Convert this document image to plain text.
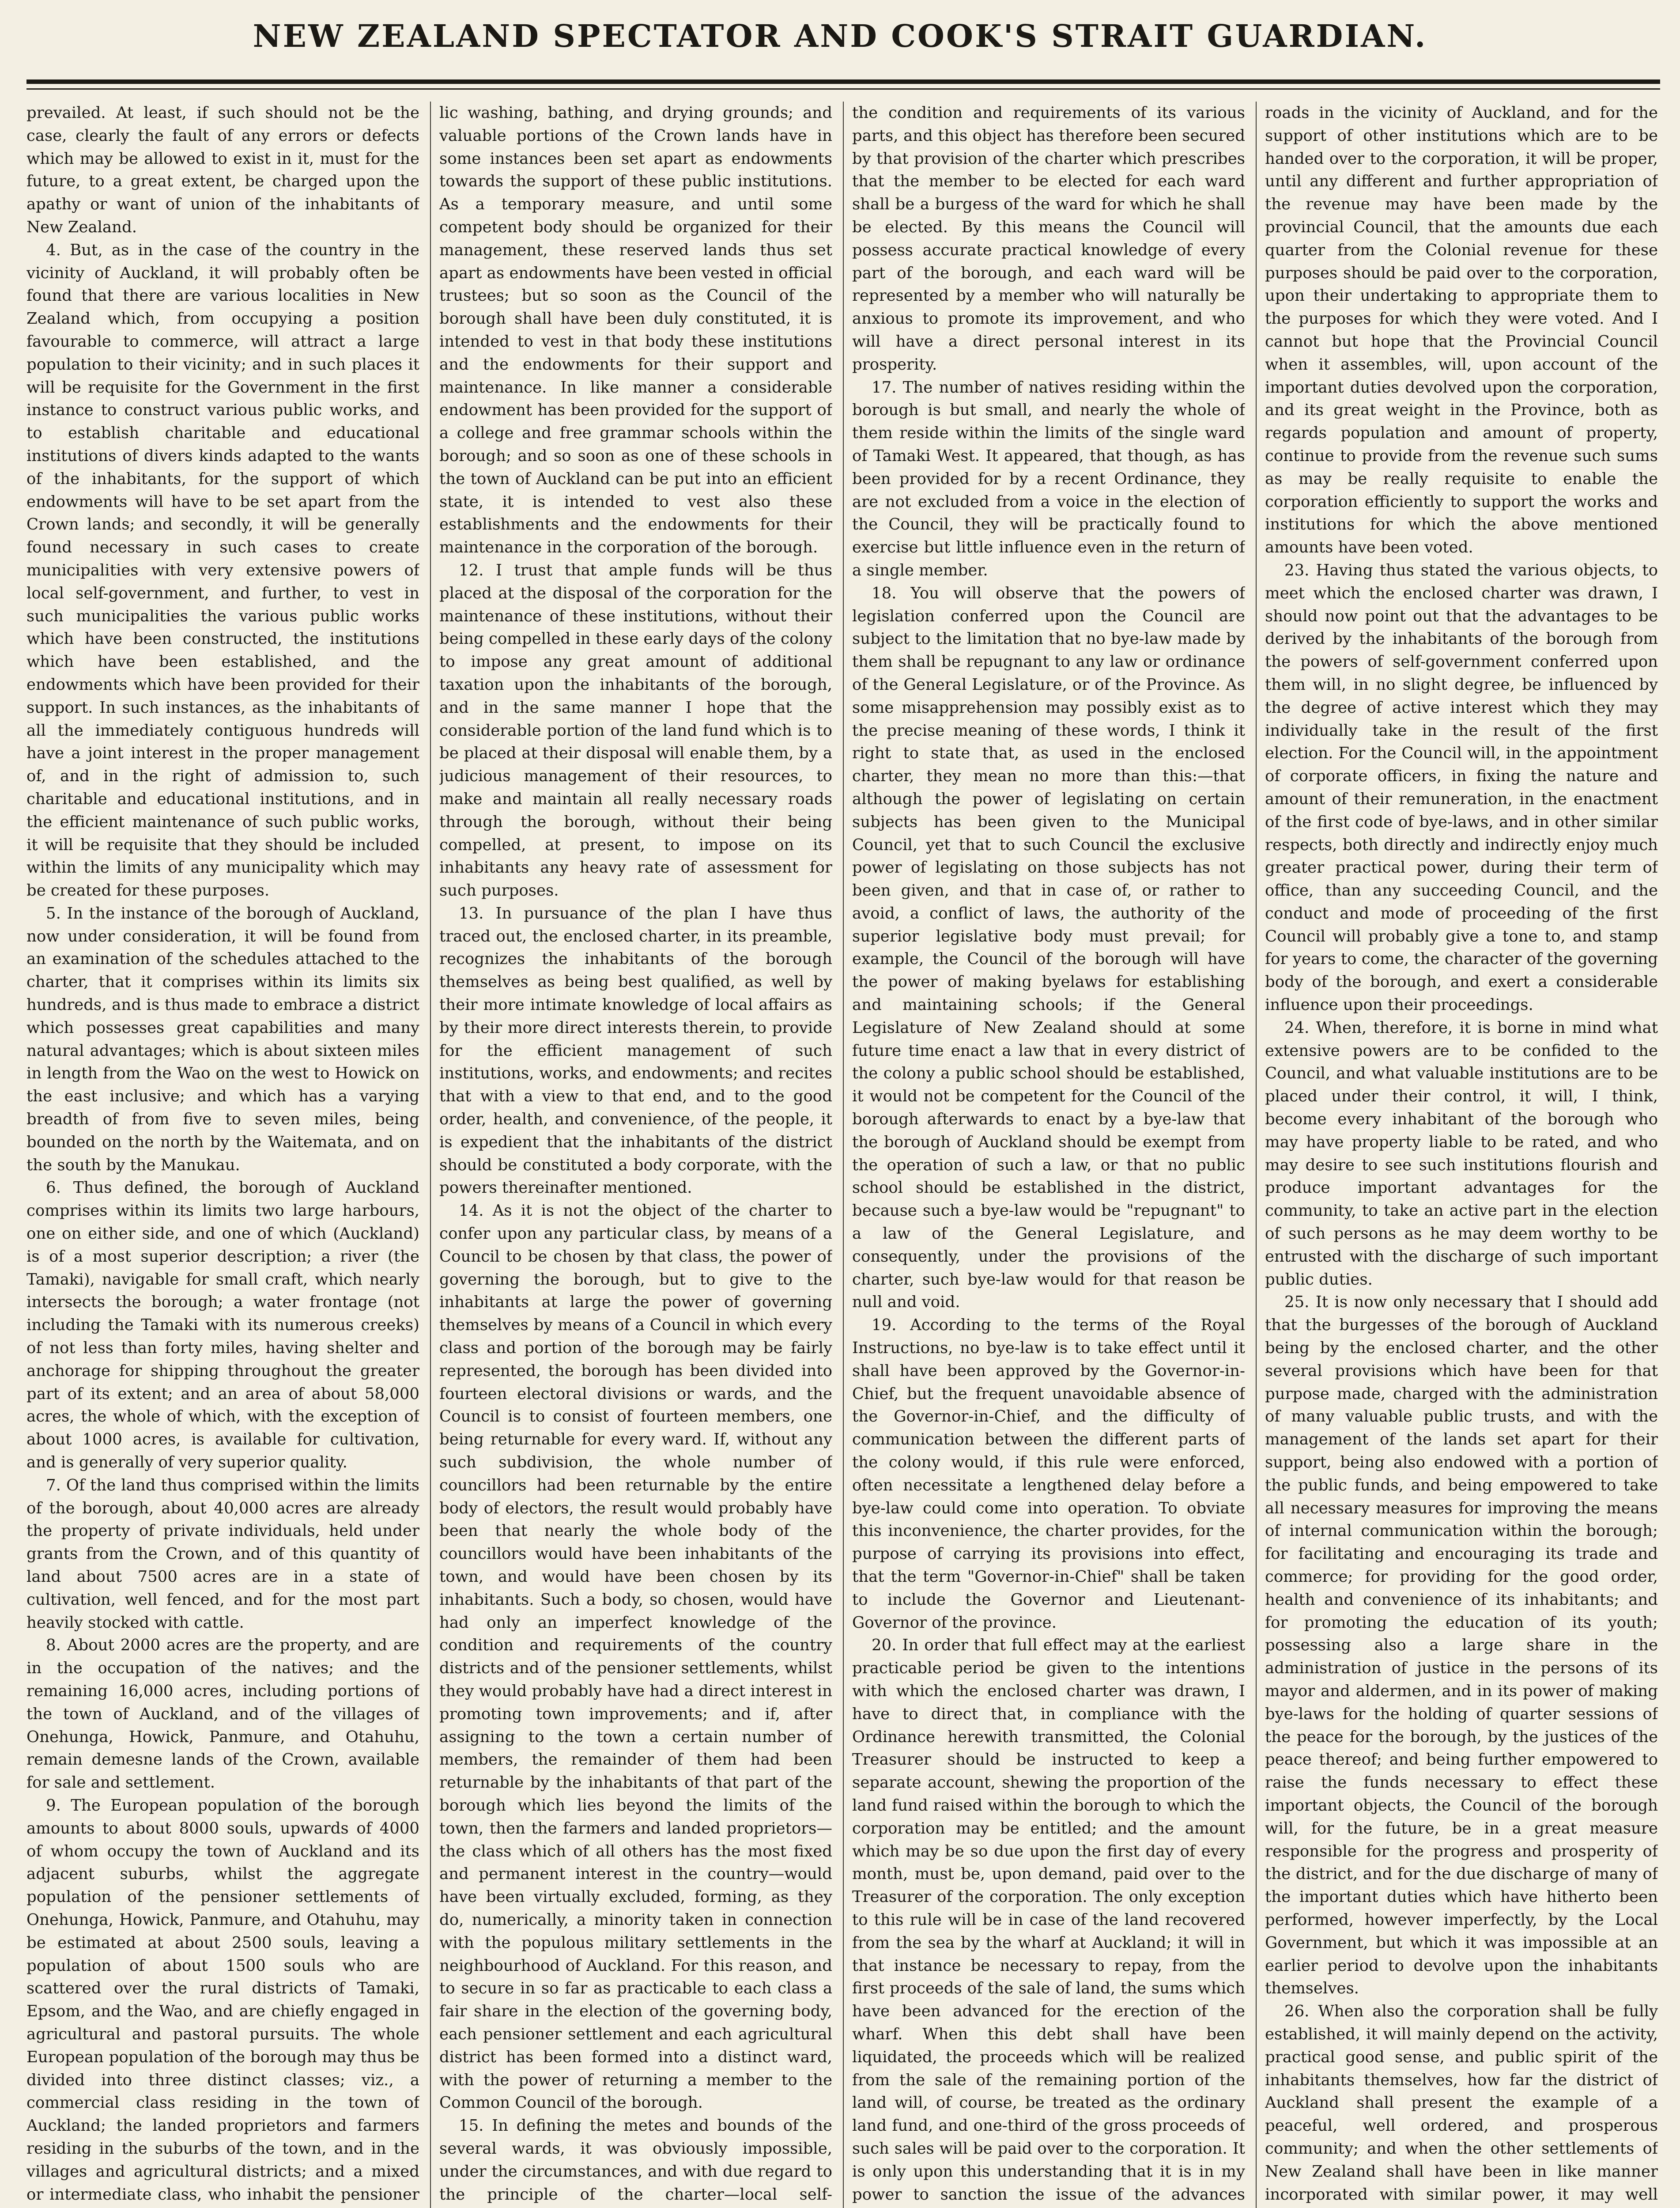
NEW ZEALAND SPECTATOR AND COOK'S STRAIT GUARDIAN.

prevailed. At least, if such should not be the case, clearly the fault of any errors or defects which may be allowed to exist in it, must for the future, to a great extent, be charged upon the apathy or want of union of the inhabitants of New Zealand.

4. But, as in the case of the country in the vicinity of Auckland, it will probably often be found that there are various localities in New Zealand which, from occupying a position favourable to commerce, will attract a large population to their vicinity; and in such places it will be requisite for the Government in the first instance to construct various public works, and to establish charitable and educational institutions of divers kinds adapted to the wants of the inhabitants, for the support of which endowments will have to be set apart from the Crown lands; and secondly, it will be generally found necessary in such cases to create municipalities with very extensive powers of local self-government, and further, to vest in such municipalities the various public works which have been constructed, the institutions which have been established, and the endowments which have been provided for their support. In such instances, as the inhabitants of all the immediately contiguous hundreds will have a joint interest in the proper management of, and in the right of admission to, such charitable and educational institutions, and in the efficient maintenance of such public works, it will be requisite that they should be included within the limits of any municipality which may be created for these purposes.

5. In the instance of the borough of Auckland, now under consideration, it will be found from an examination of the schedules attached to the charter, that it comprises within its limits six hundreds, and is thus made to embrace a district which possesses great capabilities and many natural advantages; which is about sixteen miles in length from the Wao on the west to Howick on the east inclusive; and which has a varying breadth of from five to seven miles, being bounded on the north by the Waitemata, and on the south by the Manukau.

6. Thus defined, the borough of Auckland comprises within its limits two large harbours, one on either side, and one of which (Auckland) is of a most superior description; a river (the Tamaki), navigable for small craft, which nearly intersects the borough; a water frontage (not including the Tamaki with its numerous creeks) of not less than forty miles, having shelter and anchorage for shipping throughout the greater part of its extent; and an area of about 58,000 acres, the whole of which, with the exception of about 1000 acres, is available for cultivation, and is generally of very superior quality.

7. Of the land thus comprised within the limits of the borough, about 40,000 acres are already the property of private individuals, held under grants from the Crown, and of this quantity of land about 7500 acres are in a state of cultivation, well fenced, and for the most part heavily stocked with cattle.

8. About 2000 acres are the property, and are in the occupation of the natives; and the remaining 16,000 acres, including portions of the town of Auckland, and of the villages of Onehunga, Howick, Panmure, and Otahuhu, remain demesne lands of the Crown, available for sale and settlement.

9. The European population of the borough amounts to about 8000 souls, upwards of 4000 of whom occupy the town of Auckland and its adjacent suburbs, whilst the aggregate population of the pensioner settlements of Onehunga, Howick, Panmure, and Otahuhu, may be estimated at about 2500 souls, leaving a population of about 1500 souls who are scattered over the rural districts of Tamaki, Epsom, and the Wao, and are chiefly engaged in agricultural and pastoral pursuits. The whole European population of the borough may thus be divided into three distinct classes; viz., a commercial class residing in the town of Auckland; the landed proprietors and farmers residing in the suburbs of the town, and in the villages and agricultural districts; and a mixed or intermediate class, who inhabit the pensioner

lic washing, bathing, and drying grounds; and valuable portions of the Crown lands have in some instances been set apart as endowments towards the support of these public institutions. As a temporary measure, and until some competent body should be organized for their management, these reserved lands thus set apart as endowments have been vested in official trustees; but so soon as the Council of the borough shall have been duly constituted, it is intended to vest in that body these institutions and the endowments for their support and maintenance. In like manner a considerable endowment has been provided for the support of a college and free grammar schools within the borough; and so soon as one of these schools in the town of Auckland can be put into an efficient state, it is intended to vest also these establishments and the endowments for their maintenance in the corporation of the borough.

12. I trust that ample funds will be thus placed at the disposal of the corporation for the maintenance of these institutions, without their being compelled in these early days of the colony to impose any great amount of additional taxation upon the inhabitants of the borough, and in the same manner I hope that the considerable portion of the land fund which is to be placed at their disposal will enable them, by a judicious management of their resources, to make and maintain all really necessary roads through the borough, without their being compelled, at present, to impose on its inhabitants any heavy rate of assessment for such purposes.

13. In pursuance of the plan I have thus traced out, the enclosed charter, in its preamble, recognizes the inhabitants of the borough themselves as being best qualified, as well by their more intimate knowledge of local affairs as by their more direct interests therein, to provide for the efficient management of such institutions, works, and endowments; and recites that with a view to that end, and to the good order, health, and convenience, of the people, it is expedient that the inhabitants of the district should be constituted a body corporate, with the powers thereinafter mentioned.

14. As it is not the object of the charter to confer upon any particular class, by means of a Council to be chosen by that class, the power of governing the borough, but to give to the inhabitants at large the power of governing themselves by means of a Council in which every class and portion of the borough may be fairly represented, the borough has been divided into fourteen electoral divisions or wards, and the Council is to consist of fourteen members, one being returnable for every ward. If, without any such subdivision, the whole number of councillors had been returnable by the entire body of electors, the result would probably have been that nearly the whole body of the councillors would have been inhabitants of the town, and would have been chosen by its inhabitants. Such a body, so chosen, would have had only an imperfect knowledge of the condition and requirements of the country districts and of the pensioner settlements, whilst they would probably have had a direct interest in promoting town improvements; and if, after assigning to the town a certain number of members, the remainder of them had been returnable by the inhabitants of that part of the borough which lies beyond the limits of the town, then the farmers and landed proprietors—the class which of all others has the most fixed and permanent interest in the country—would have been virtually excluded, forming, as they do, numerically, a minority taken in connection with the populous military settlements in the neighbourhood of Auckland. For this reason, and to secure in so far as practicable to each class a fair share in the election of the governing body, each pensioner settlement and each agricultural district has been formed into a distinct ward, with the power of returning a member to the Common Council of the borough.

15. In defining the metes and bounds of the several wards, it was obviously impossible, under the circumstances, and with due regard to the principle of the charter—local self-

the condition and requirements of its various parts, and this object has therefore been secured by that provision of the charter which prescribes that the member to be elected for each ward shall be a burgess of the ward for which he shall be elected. By this means the Council will possess accurate practical knowledge of every part of the borough, and each ward will be represented by a member who will naturally be anxious to promote its improvement, and who will have a direct personal interest in its prosperity.

17. The number of natives residing within the borough is but small, and nearly the whole of them reside within the limits of the single ward of Tamaki West. It appeared, that though, as has been provided for by a recent Ordinance, they are not excluded from a voice in the election of the Council, they will be practically found to exercise but little influence even in the return of a single member.

18. You will observe that the powers of legislation conferred upon the Council are subject to the limitation that no bye-law made by them shall be repugnant to any law or ordinance of the General Legislature, or of the Province. As some misapprehension may possibly exist as to the precise meaning of these words, I think it right to state that, as used in the enclosed charter, they mean no more than this:—that although the power of legislating on certain subjects has been given to the Municipal Council, yet that to such Council the exclusive power of legislating on those subjects has not been given, and that in case of, or rather to avoid, a conflict of laws, the authority of the superior legislative body must prevail; for example, the Council of the borough will have the power of making byelaws for establishing and maintaining schools; if the General Legislature of New Zealand should at some future time enact a law that in every district of the colony a public school should be established, it would not be competent for the Council of the borough afterwards to enact by a bye-law that the borough of Auckland should be exempt from the operation of such a law, or that no public school should be established in the district, because such a bye-law would be "repugnant" to a law of the General Legislature, and consequently, under the provisions of the charter, such bye-law would for that reason be null and void.

19. According to the terms of the Royal Instructions, no bye-law is to take effect until it shall have been approved by the Governor-in-Chief, but the frequent unavoidable absence of the Governor-in-Chief, and the difficulty of communication between the different parts of the colony would, if this rule were enforced, often necessitate a lengthened delay before a bye-law could come into operation. To obviate this inconvenience, the charter provides, for the purpose of carrying its provisions into effect, that the term "Governor-in-Chief" shall be taken to include the Governor and Lieutenant-Governor of the province.

20. In order that full effect may at the earliest practicable period be given to the intentions with which the enclosed charter was drawn, I have to direct that, in compliance with the Ordinance herewith transmitted, the Colonial Treasurer should be instructed to keep a separate account, shewing the proportion of the land fund raised within the borough to which the corporation may be entitled; and the amount which may be so due upon the first day of every month, must be, upon demand, paid over to the Treasurer of the corporation. The only exception to this rule will be in case of the land recovered from the sea by the wharf at Auckland; it will in that instance be necessary to repay, from the first proceeds of the sale of land, the sums which have been advanced for the erection of the wharf. When this debt shall have been liquidated, the proceeds which will be realized from the sale of the remaining portion of the land will, of course, be treated as the ordinary land fund, and one-third of the gross proceeds of such sales will be paid over to the corporation. It is only upon this understanding that it is in my power to sanction the issue of the advances

roads in the vicinity of Auckland, and for the support of other institutions which are to be handed over to the corporation, it will be proper, until any different and further appropriation of the revenue may have been made by the provincial Council, that the amounts due each quarter from the Colonial revenue for these purposes should be paid over to the corporation, upon their undertaking to appropriate them to the purposes for which they were voted. And I cannot but hope that the Provincial Council when it assembles, will, upon account of the important duties devolved upon the corporation, and its great weight in the Province, both as regards population and amount of property, continue to provide from the revenue such sums as may be really requisite to enable the corporation efficiently to support the works and institutions for which the above mentioned amounts have been voted.

23. Having thus stated the various objects, to meet which the enclosed charter was drawn, I should now point out that the advantages to be derived by the inhabitants of the borough from the powers of self-government conferred upon them will, in no slight degree, be influenced by the degree of active interest which they may individually take in the result of the first election. For the Council will, in the appointment of corporate officers, in fixing the nature and amount of their remuneration, in the enactment of the first code of bye-laws, and in other similar respects, both directly and indirectly enjoy much greater practical power, during their term of office, than any succeeding Council, and the conduct and mode of proceeding of the first Council will probably give a tone to, and stamp for years to come, the character of the governing body of the borough, and exert a considerable influence upon their proceedings.

24. When, therefore, it is borne in mind what extensive powers are to be confided to the Council, and what valuable institutions are to be placed under their control, it will, I think, become every inhabitant of the borough who may have property liable to be rated, and who may desire to see such institutions flourish and produce important advantages for the community, to take an active part in the election of such persons as he may deem worthy to be entrusted with the discharge of such important public duties.

25. It is now only necessary that I should add that the burgesses of the borough of Auckland being by the enclosed charter, and the other several provisions which have been for that purpose made, charged with the administration of many valuable public trusts, and with the management of the lands set apart for their support, being also endowed with a portion of the public funds, and being empowered to take all necessary measures for improving the means of internal communication within the borough; for facilitating and encouraging its trade and commerce; for providing for the good order, health and convenience of its inhabitants; and for promoting the education of its youth; possessing also a large share in the administration of justice in the persons of its mayor and aldermen, and in its power of making bye-laws for the holding of quarter sessions of the peace for the borough, by the justices of the peace thereof; and being further empowered to raise the funds necessary to effect these important objects, the Council of the borough will, for the future, be in a great measure responsible for the progress and prosperity of the district, and for the due discharge of many of the important duties which have hitherto been performed, however imperfectly, by the Local Government, but which it was impossible at an earlier period to devolve upon the inhabitants themselves.

26. When also the corporation shall be fully established, it will mainly depend on the activity, practical good sense, and public spirit of the inhabitants themselves, how far the district of Auckland shall present the example of a peaceful, well ordered, and prosperous community; and when the other settlements of New Zealand shall have been in like manner incorporated with similar power, it may well
